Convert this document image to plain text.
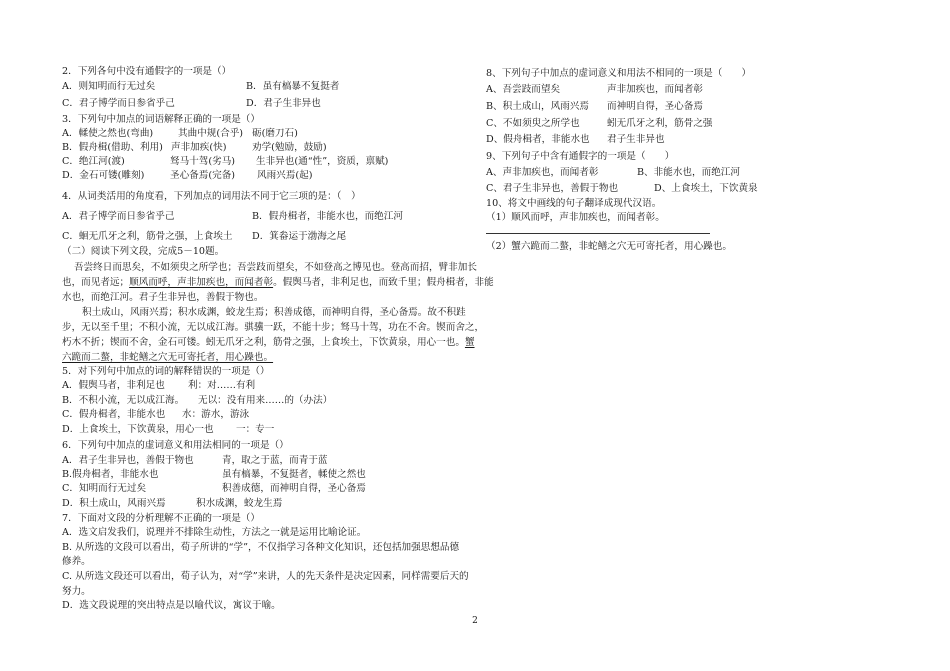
2．下列各句中没有通假字的一项是（）
A．则知明而行无过矣	B．虽有槁暴不复挺者
C．君子博学而日参省乎己	D．君子生非异也
3．下列句中加点的词语解释正确的一项是（）
A．輮使之然也(弯曲)	其曲中规(合乎) 砺(磨刀石)
B．假舟楫(借助、利用) 声非加疾(快)	劝学(勉励，鼓励)
C．绝江河(渡)	驽马十驾(劣马) 生非异也(通“性”，资质，禀赋)
D．金石可镂(雕刻)	圣心备焉(完备) 风雨兴焉(起)
4．从词类活用的角度看，下列加点的词用法不同于它三项的是：（　）
A．君子博学而日参省乎己	B．假舟楫者，非能水也，而绝江河
C．蛔无爪牙之利，筋骨之强，上食埃土 D．箕畚运于渤海之尾
（二）阅读下列文段，完成5－10题。
吾尝终日而思矣，不如须臾之所学也；吾尝跂而望矣，不如登高之博见也。登高而招，臂非加长
也，而见者远；顺风而呼，声非加疾也，而闻者彰。假舆马者，非利足也，而致千里；假舟楫者，非能
水也，而绝江河。君子生非异也，善假于物也。
积土成山，风雨兴焉；积水成渊，蛟龙生焉；积善成德，而神明自得，圣心备焉。故不积跬
步，无以至千里；不积小流，无以成江海。骐骥一跃，不能十步；驽马十驾，功在不舍。锲而舍之，
朽木不折；锲而不舍，金石可镂。蚓无爪牙之利，筋骨之强，上食埃土，下饮黄泉，用心一也。蟹
六跪而二螯，非蛇鳝之穴无可寄托者，用心躁也。
5．对下列句中加点的词的解释错误的一项是（）
A．假舆马者，非利足也 利：对……有利
B．不积小流，无以成江海。 无以：没有用来……的（办法）
C．假舟楫者，非能水也 水：游水，游泳
D．上食埃土，下饮黄泉，用心一也 一：专一
6．下列句中加点的虚词意义和用法相同的一项是（）
A．君子生非异也，善假于物也	青，取之于蓝，而青于蓝
B.假舟楫者，非能水也	虽有槁暴，不复挺者，輮使之然也
C．知明而行无过矣	积善成德，而神明自得，圣心备焉
D．积土成山，风雨兴焉	积水成渊，蛟龙生焉
7．下面对文段的分析理解不正确的一项是（）
A．选文启发我们，说理并不排除生动性，方法之一就是运用比喻论证。
B. 从所选的文段可以看出，荀子所讲的“学”，不仅指学习各种文化知识，还包括加强思想品德
修养。
C. 从所选文段还可以看出，荀子认为，对“学”来讲，人的先天条件是决定因素，同样需要后天的
努力。
D．选文段说理的突出特点是以喻代议，寓议于喻。
8、下列句子中加点的虚词意义和用法不相同的一项是（　　）
A、吾尝跂而望矣	声非加疾也，而闻者彰
B、积土成山，风雨兴焉 而神明自得，圣心备焉
C、不如须臾之所学也	蚓无爪牙之利，筋骨之强
D、假舟楫者，非能水也 君子生非异也
9、下列句子中含有通假字的一项是（　　）
A、声非加疾也，而闻者彰	B、非能水也，而绝江河
C、君子生非异也，善假于物也	D、上食埃土，下饮黄泉
10、将文中画线的句子翻译成现代汉语。
（1）顺风而呼，声非加疾也，而闻者彰。
（2）蟹六跪而二螯，非蛇鳝之穴无可寄托者，用心躁也。
2
